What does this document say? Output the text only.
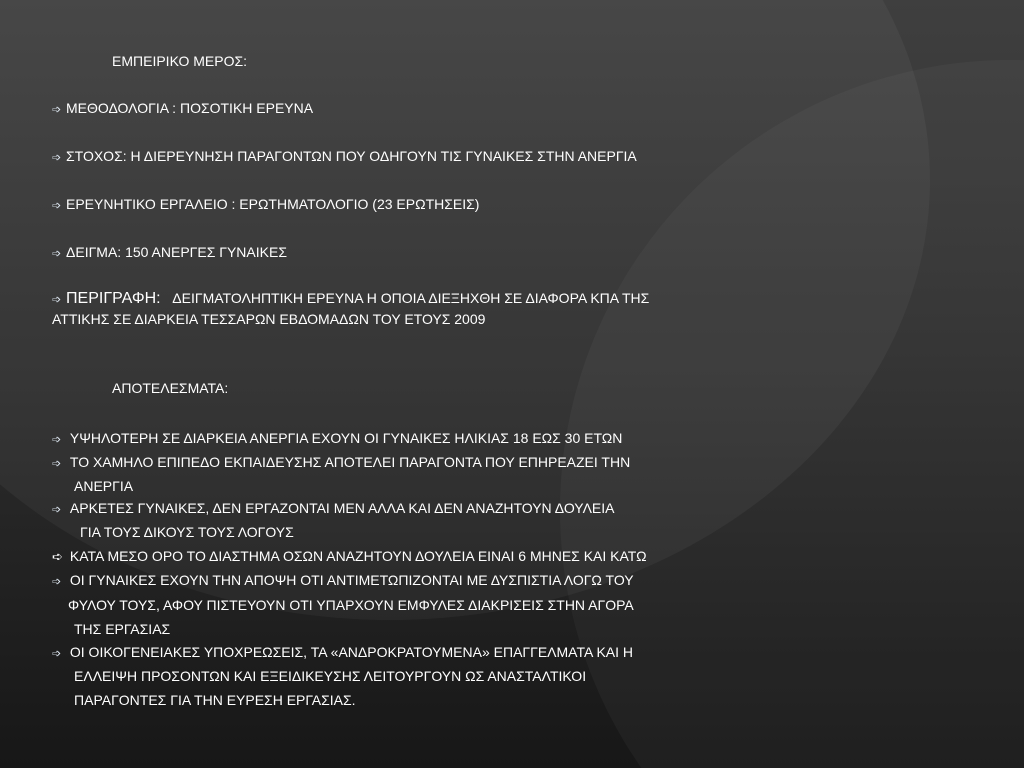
ΕΜΠΕΙΡΙΚΟ ΜΕΡΟΣ:
➩ ΜΕΘΟΔΟΛΟΓΙΑ : ΠΟΣΟΤΙΚΗ ΕΡΕΥΝΑ
➩ ΣΤΟΧΟΣ: Η ΔΙΕΡΕΥΝΗΣΗ ΠΑΡΑΓΟΝΤΩΝ ΠΟΥ ΟΔΗΓΟΥΝ ΤΙΣ ΓΥΝΑΙΚΕΣ ΣΤΗΝ ΑΝΕΡΓΙΑ
➩ ΕΡΕΥΝΗΤΙΚΟ ΕΡΓΑΛΕΙΟ : ΕΡΩΤΗΜΑΤΟΛΟΓΙΟ (23 ΕΡΩΤΗΣΕΙΣ)
➩ ΔΕΙΓΜΑ: 150 ΑΝΕΡΓΕΣ ΓΥΝΑΙΚΕΣ
➩ ΠΕΡΙΓΡΑΦΗ: ΔΕΙΓΜΑΤΟΛΗΠΤΙΚΗ ΕΡΕΥΝΑ Η ΟΠΟΙΑ ΔΙΕΞΗΧΘΗ ΣΕ ΔΙΑΦΟΡΑ ΚΠΑ ΤΗΣ
ΑΤΤΙΚΗΣ ΣΕ ΔΙΑΡΚΕΙΑ ΤΕΣΣΑΡΩΝ ΕΒΔΟΜΑΔΩΝ ΤΟΥ ΕΤΟΥΣ 2009
ΑΠΟΤΕΛΕΣΜΑΤΑ:
➩ ΥΨΗΛΟΤΕΡΗ ΣΕ ΔΙΑΡΚΕΙΑ ΑΝΕΡΓΙΑ ΕΧΟΥΝ ΟΙ ΓΥΝΑΙΚΕΣ ΗΛΙΚΙΑΣ 18 ΕΩΣ 30 ΕΤΩΝ
➩ ΤΟ ΧΑΜΗΛΟ ΕΠΙΠΕΔΟ ΕΚΠΑΙΔΕΥΣΗΣ ΑΠΟΤΕΛΕΙ ΠΑΡΑΓΟΝΤΑ ΠΟΥ ΕΠΗΡΕΑΖΕΙ ΤΗΝ
ΑΝΕΡΓΙΑ
➩ ΑΡΚΕΤΕΣ ΓΥΝΑΙΚΕΣ, ΔΕΝ ΕΡΓΑΖΟΝΤΑΙ ΜΕΝ ΑΛΛΑ ΚΑΙ ΔΕΝ ΑΝΑΖΗΤΟΥΝ ΔΟΥΛΕΙΑ
ΓΙΑ ΤΟΥΣ ΔΙΚΟΥΣ ΤΟΥΣ ΛΟΓΟΥΣ
➪ ΚΑΤΑ ΜΕΣΟ ΟΡΟ ΤΟ ΔΙΑΣΤΗΜΑ ΟΣΩΝ ΑΝΑΖΗΤΟΥΝ ΔΟΥΛΕΙΑ ΕΙΝΑΙ 6 ΜΗΝΕΣ ΚΑΙ ΚΑΤΩ
➩ ΟΙ ΓΥΝΑΙΚΕΣ ΕΧΟΥΝ ΤΗΝ ΑΠΟΨΗ ΟΤΙ ΑΝΤΙΜΕΤΩΠΙΖΟΝΤΑΙ ΜΕ ΔΥΣΠΙΣΤΙΑ ΛΟΓΩ ΤΟΥ
ΦΥΛΟΥ ΤΟΥΣ, ΑΦΟΥ ΠΙΣΤΕΥΟΥΝ ΟΤΙ ΥΠΑΡΧΟΥΝ ΕΜΦΥΛΕΣ ΔΙΑΚΡΙΣΕΙΣ ΣΤΗΝ ΑΓΟΡΑ
ΤΗΣ ΕΡΓΑΣΙΑΣ
➩ ΟΙ ΟΙΚΟΓΕΝΕΙΑΚΕΣ ΥΠΟΧΡΕΩΣΕΙΣ, ΤΑ «ΑΝΔΡΟΚΡΑΤΟΥΜΕΝΑ» ΕΠΑΓΓΕΛΜΑΤΑ ΚΑΙ Η
ΕΛΛΕΙΨΗ ΠΡΟΣΟΝΤΩΝ ΚΑΙ ΕΞΕΙΔΙΚΕΥΣΗΣ ΛΕΙΤΟΥΡΓΟΥΝ ΩΣ ΑΝΑΣΤΑΛΤΙΚΟΙ
ΠΑΡΑΓΟΝΤΕΣ ΓΙΑ ΤΗΝ ΕΥΡΕΣΗ ΕΡΓΑΣΙΑΣ.
